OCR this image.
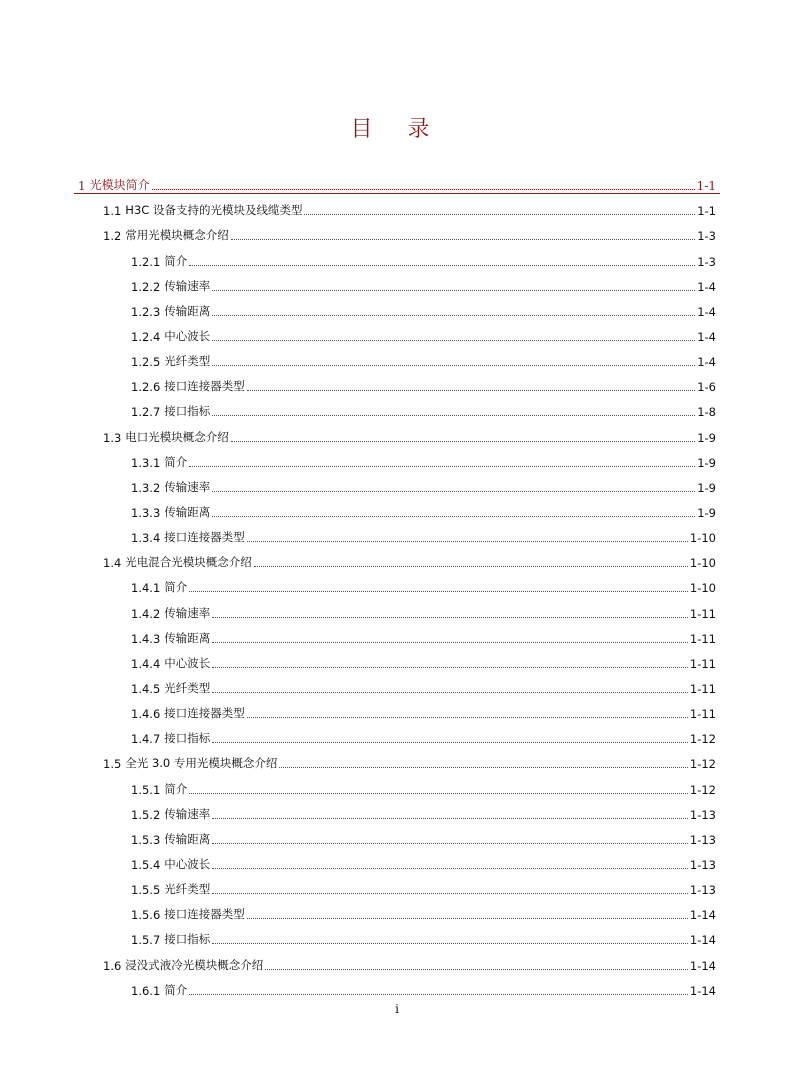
目 录
1 光模块简介	1-1
1.1 H3C 设备支持的光模块及线缆类型	1-1
1.2 常用光模块概念介绍	1-3
1.2.1 简介	1-3
1.2.2 传输速率	1-4
1.2.3 传输距离	1-4
1.2.4 中心波长	1-4
1.2.5 光纤类型	1-4
1.2.6 接口连接器类型	1-6
1.2.7 接口指标	1-8
1.3 电口光模块概念介绍	1-9
1.3.1 简介	1-9
1.3.2 传输速率	1-9
1.3.3 传输距离	1-9
1.3.4 接口连接器类型	1-10
1.4 光电混合光模块概念介绍	1-10
1.4.1 简介	1-10
1.4.2 传输速率	1-11
1.4.3 传输距离	1-11
1.4.4 中心波长	1-11
1.4.5 光纤类型	1-11
1.4.6 接口连接器类型	1-11
1.4.7 接口指标	1-12
1.5 全光 3.0 专用光模块概念介绍	1-12
1.5.1 简介	1-12
1.5.2 传输速率	1-13
1.5.3 传输距离	1-13
1.5.4 中心波长	1-13
1.5.5 光纤类型	1-13
1.5.6 接口连接器类型	1-14
1.5.7 接口指标	1-14
1.6 浸没式液冷光模块概念介绍	1-14
1.6.1 简介	1-14
i
